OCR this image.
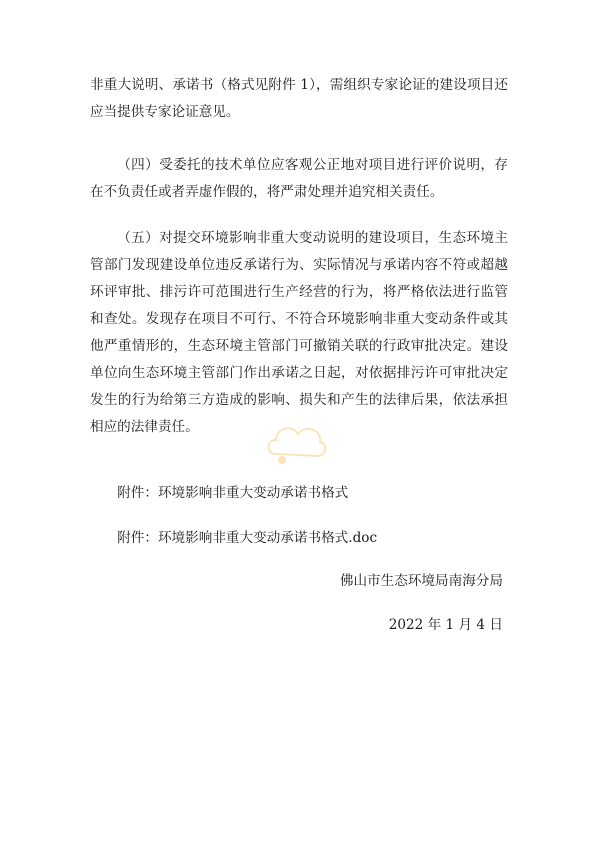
非重大说明、承诺书（格式见附件 1），需组织专家论证的建设项目还应当提供专家论证意见。

（四）受委托的技术单位应客观公正地对项目进行评价说明，存在不负责任或者弄虚作假的，将严肃处理并追究相关责任。

（五）对提交环境影响非重大变动说明的建设项目，生态环境主管部门发现建设单位违反承诺行为、实际情况与承诺内容不符或超越环评审批、排污许可范围进行生产经营的行为，将严格依法进行监管和查处。发现存在项目不可行、不符合环境影响非重大变动条件或其他严重情形的，生态环境主管部门可撤销关联的行政审批决定。建设单位向生态环境主管部门作出承诺之日起，对依据排污许可审批决定发生的行为给第三方造成的影响、损失和产生的法律后果，依法承担相应的法律责任。

附件：环境影响非重大变动承诺书格式

附件：环境影响非重大变动承诺书格式.doc

佛山市生态环境局南海分局

2022 年 1 月 4 日
